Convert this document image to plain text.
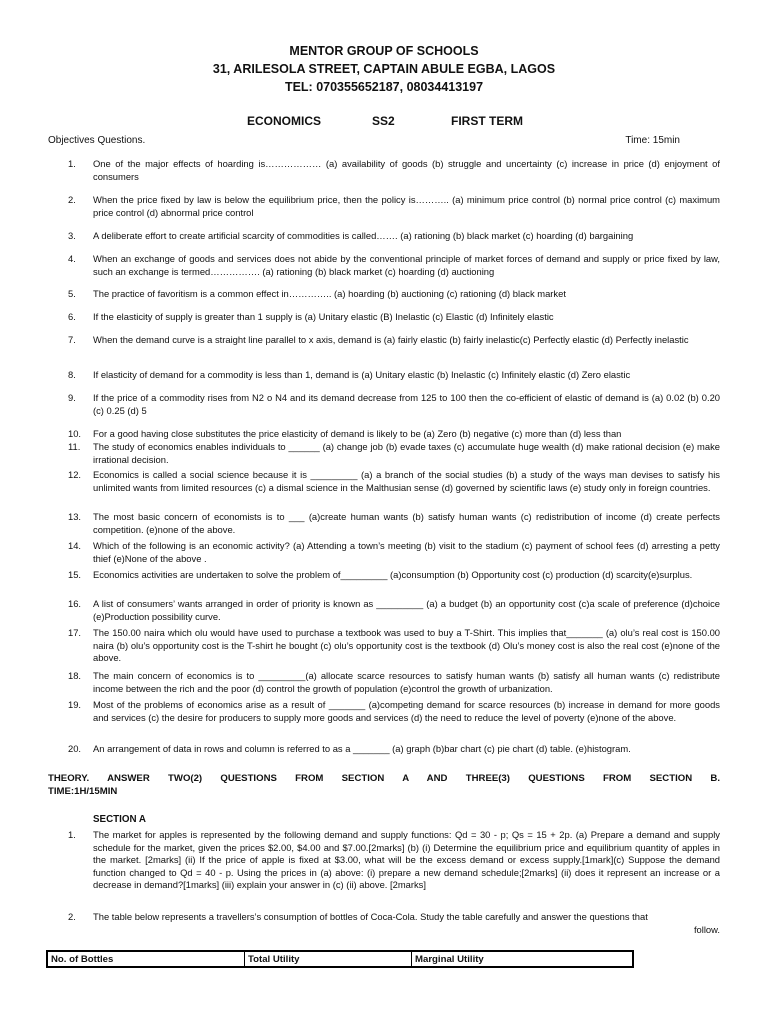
MENTOR GROUP OF SCHOOLS
31, ARILESOLA STREET, CAPTAIN ABULE EGBA, LAGOS
TEL: 070355652187, 08034413197
ECONOMICS	SS2	FIRST TERM
Objectives Questions.	Time: 15min
1. One of the major effects of hoarding is……………… (a) availability of goods (b) struggle and uncertainty (c) increase in price (d) enjoyment of consumers
2. When the price fixed by law is below the equilibrium price, then the policy is……….. (a) minimum price control (b) normal price control (c) maximum price control (d) abnormal price control
3. A deliberate effort to create artificial scarcity of commodities is called……. (a) rationing (b) black market (c) hoarding (d) bargaining
4. When an exchange of goods and services does not abide by the conventional principle of market forces of demand and supply or price fixed by law, such an exchange is termed……………. (a) rationing (b) black market (c) hoarding (d) auctioning
5. The practice of favoritism is a common effect in………….. (a) hoarding (b) auctioning (c) rationing (d) black market
6. If the elasticity of supply is greater than 1 supply is (a) Unitary elastic (B) Inelastic (c) Elastic (d) Infinitely elastic
7. When the demand curve is a straight line parallel to x axis, demand is (a) fairly elastic (b) fairly inelastic(c) Perfectly elastic (d) Perfectly inelastic
8. If elasticity of demand for a commodity is less than 1, demand is (a) Unitary elastic (b) Inelastic (c) Infinitely elastic (d) Zero elastic
9. If the price of a commodity rises from N2 o N4 and its demand decrease from 125 to 100 then the co-efficient of elastic of demand is (a) 0.02 (b) 0.20 (c) 0.25 (d) 5
10. For a good having close substitutes the price elasticity of demand is likely to be (a) Zero (b) negative (c) more than (d) less than
11. The study of economics enables individuals to ______ (a) change job (b) evade taxes (c) accumulate huge wealth (d) make rational decision (e) make irrational decision.
12. Economics is called a social science because it is _________ (a) a branch of the social studies (b) a study of the ways man devises to satisfy his unlimited wants from limited resources (c) a dismal science in the Malthusian sense (d) governed by scientific laws (e) study only in foreign countries.
13. The most basic concern of economists is to ___ (a)create human wants (b) satisfy human wants (c) redistribution of income (d) create perfects competition. (e)none of the above.
14. Which of the following is an economic activity? (a) Attending a town’s meeting (b) visit to the stadium (c) payment of school fees (d) arresting a petty thief (e)None of the above .
15. Economics activities are undertaken to solve the problem of_________ (a)consumption (b) Opportunity cost (c) production (d) scarcity(e)surplus.
16. A list of consumers’ wants arranged in order of priority is known as _________ (a) a budget (b) an opportunity cost (c)a scale of preference (d)choice (e)Production possibility curve.
17. The 150.00 naira which olu would have used to purchase a textbook was used to buy a T-Shirt. This implies that_______ (a) olu’s real cost is 150.00 naira (b) olu’s opportunity cost is the T-shirt he bought (c) olu’s opportunity cost is the textbook (d) Olu’s money cost is also the real cost (e)none of the above.
18. The main concern of economics is to _________(a) allocate scarce resources to satisfy human wants (b) satisfy all human wants (c) redistribute income between the rich and the poor (d) control the growth of population (e)control the growth of urbanization.
19. Most of the problems of economics arise as a result of _______ (a)competing demand for scarce resources (b) increase in demand for more goods and services (c) the desire for producers to supply more goods and services (d) the need to reduce the level of poverty (e)none of the above.
20. An arrangement of data in rows and column is referred to as a _______ (a) graph (b)bar chart (c) pie chart (d) table. (e)histogram.
THEORY. ANSWER TWO(2) QUESTIONS FROM SECTION A AND THREE(3) QUESTIONS FROM SECTION B.
TIME:1H/15MIN
SECTION A
1. The market for apples is represented by the following demand and supply functions: Qd = 30 - p; Qs = 15 + 2p. (a) Prepare a demand and supply schedule for the market, given the prices $2.00, $4.00 and $7.00.[2marks] (b) (i) Determine the equilibrium price and equilibrium quantity of apples in the market. [2marks] (ii) If the price of apple is fixed at $3.00, what will be the excess demand or excess supply.[1mark](c) Suppose the demand function changed to Qd = 40 - p. Using the prices in (a) above: (i) prepare a new demand schedule;[2marks] (ii) does it represent an increase or a decrease in demand?[1marks] (iii) explain your answer in (c) (ii) above. [2marks]
2. The table below represents a travellers’s consumption of bottles of Coca-Cola. Study the table carefully and answer the questions that
follow.
No. of Bottles	Total Utility	Marginal Utility
